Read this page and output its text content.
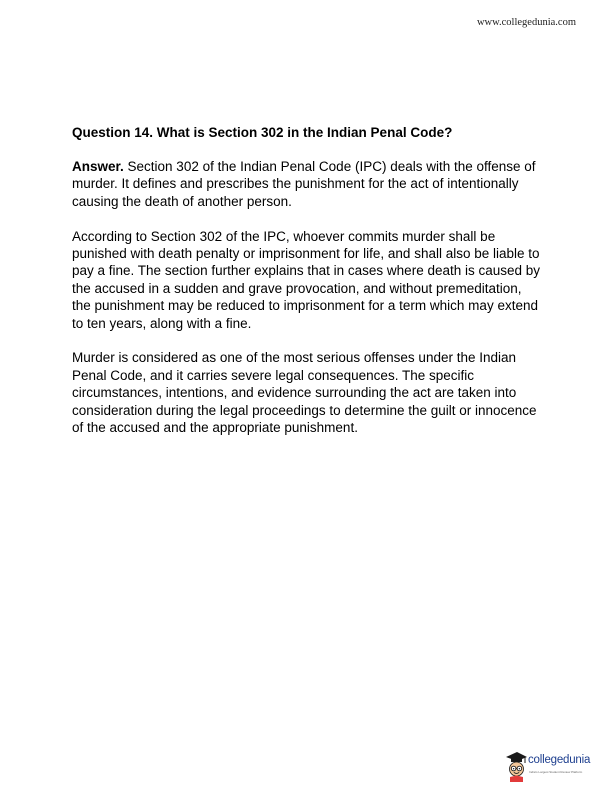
www.collegedunia.com

Question 14. What is Section 302 in the Indian Penal Code?

Answer. Section 302 of the Indian Penal Code (IPC) deals with the offense of murder. It defines and prescribes the punishment for the act of intentionally causing the death of another person.

According to Section 302 of the IPC, whoever commits murder shall be punished with death penalty or imprisonment for life, and shall also be liable to pay a fine. The section further explains that in cases where death is caused by the accused in a sudden and grave provocation, and without premeditation, the punishment may be reduced to imprisonment for a term which may extend to ten years, along with a fine.

Murder is considered as one of the most serious offenses under the Indian Penal Code, and it carries severe legal consequences. The specific circumstances, intentions, and evidence surrounding the act are taken into consideration during the legal proceedings to determine the guilt or innocence of the accused and the appropriate punishment.

collegedunia
India's Largest Student Review Platform
